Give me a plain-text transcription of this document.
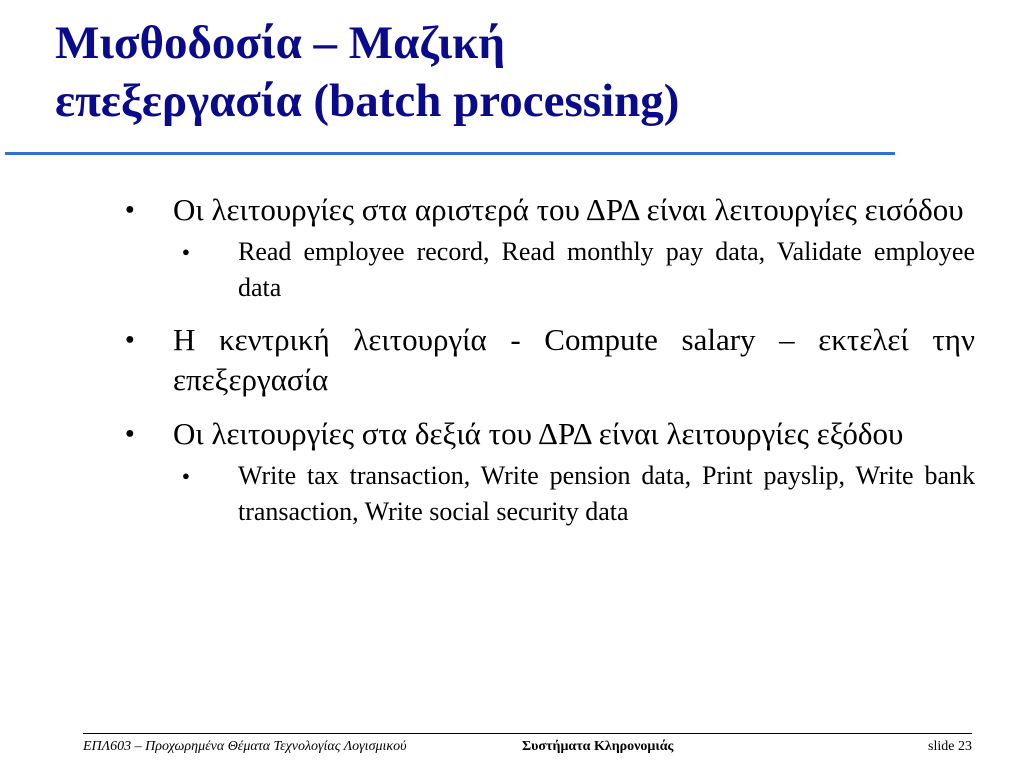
Μισθοδοσία – Μαζική
επεξεργασία (batch processing)
● Οι λειτουργίες στα αριστερά του ΔΡΔ είναι λειτουργίες εισόδου
● Read employee record, Read monthly pay data, Validate employee data
● Η κεντρική λειτουργία - Compute salary – εκτελεί την επεξεργασία
● Οι λειτουργίες στα δεξιά του ΔΡΔ είναι λειτουργίες εξόδου
● Write tax transaction, Write pension data, Print payslip, Write bank transaction, Write social security data
ΕΠΛ603 – Προχωρημένα Θέματα Τεχνολογίας Λογισμικού	Συστήματα Κληρονομιάς	slide 23
